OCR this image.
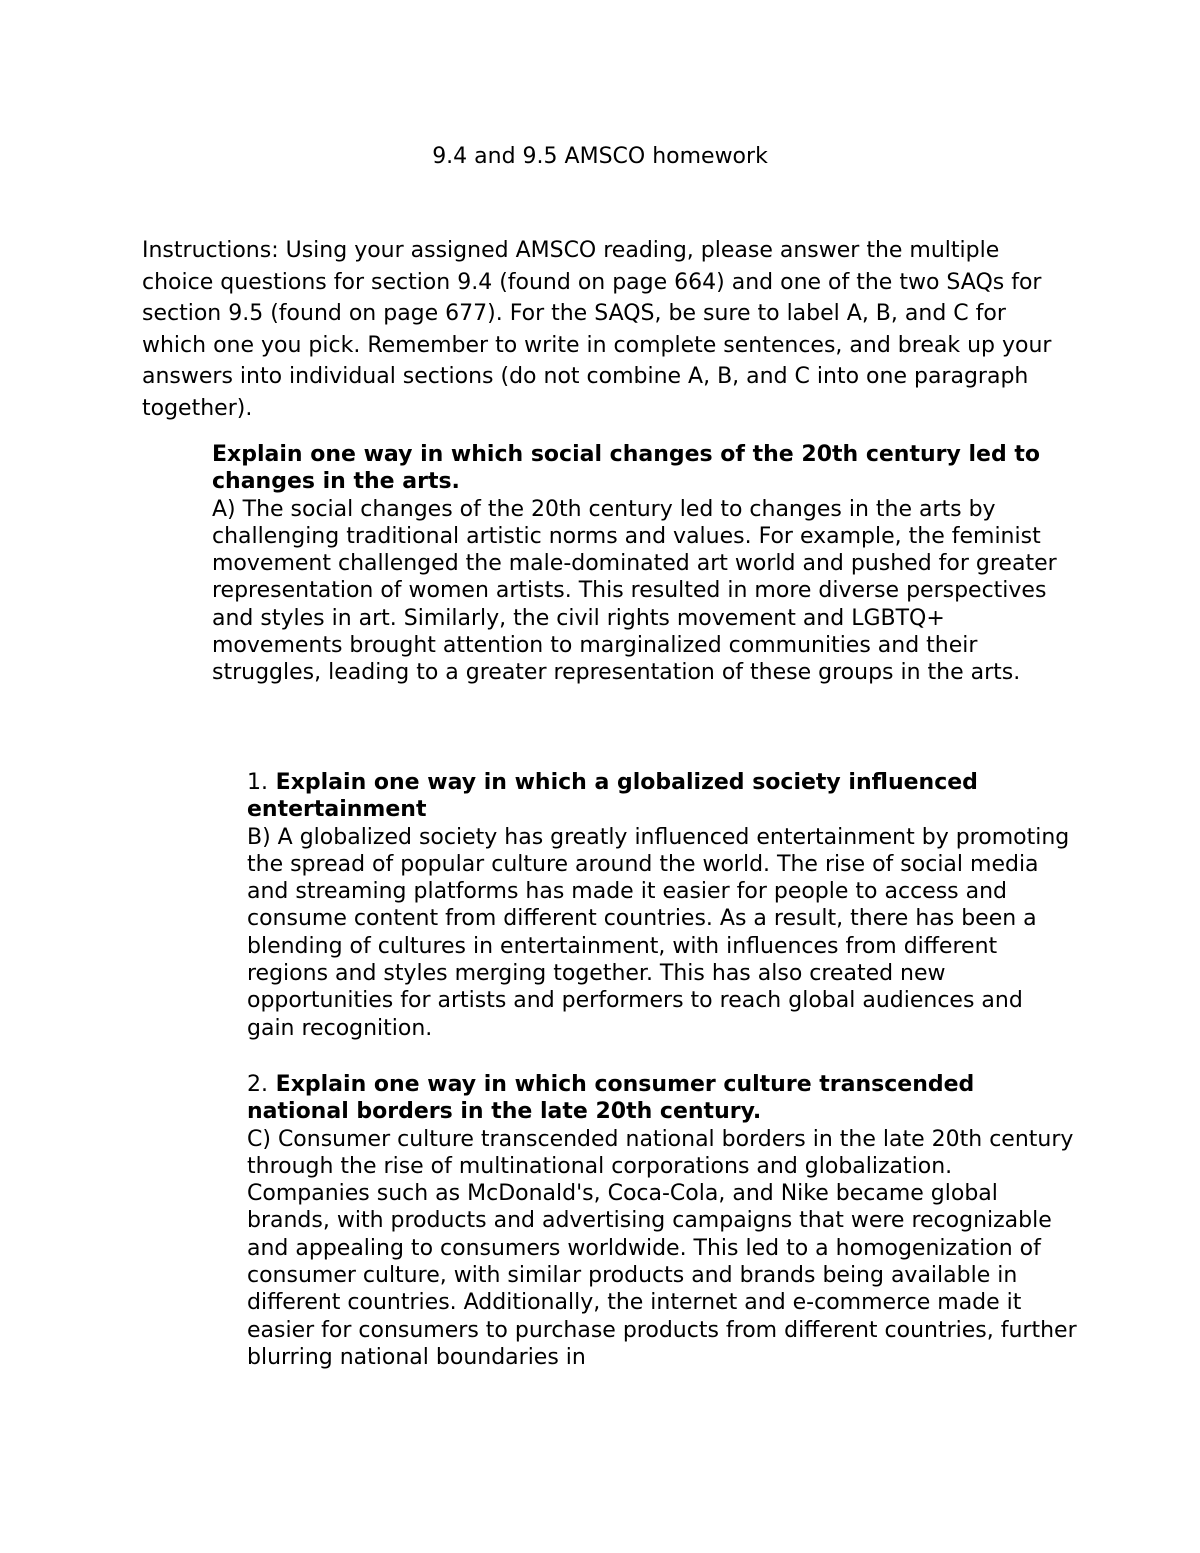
9.4 and 9.5 AMSCO homework

Instructions: Using your assigned AMSCO reading, please answer the multiple choice questions for section 9.4 (found on page 664) and one of the two SAQs for section 9.5 (found on page 677). For the SAQS, be sure to label A, B, and C for which one you pick. Remember to write in complete sentences, and break up your answers into individual sections (do not combine A, B, and C into one paragraph together).

Explain one way in which social changes of the 20th century led to changes in the arts.

A) The social changes of the 20th century led to changes in the arts by challenging traditional artistic norms and values. For example, the feminist movement challenged the male-dominated art world and pushed for greater representation of women artists. This resulted in more diverse perspectives and styles in art. Similarly, the civil rights movement and LGBTQ+ movements brought attention to marginalized communities and their struggles, leading to a greater representation of these groups in the arts.

1. Explain one way in which a globalized society influenced entertainment

B) A globalized society has greatly influenced entertainment by promoting the spread of popular culture around the world. The rise of social media and streaming platforms has made it easier for people to access and consume content from different countries. As a result, there has been a blending of cultures in entertainment, with influences from different regions and styles merging together. This has also created new opportunities for artists and performers to reach global audiences and gain recognition.

2. Explain one way in which consumer culture transcended national borders in the late 20th century.

C) Consumer culture transcended national borders in the late 20th century through the rise of multinational corporations and globalization. Companies such as McDonald's, Coca-Cola, and Nike became global brands, with products and advertising campaigns that were recognizable and appealing to consumers worldwide. This led to a homogenization of consumer culture, with similar products and brands being available in different countries. Additionally, the internet and e-commerce made it easier for consumers to purchase products from different countries, further blurring national boundaries in
